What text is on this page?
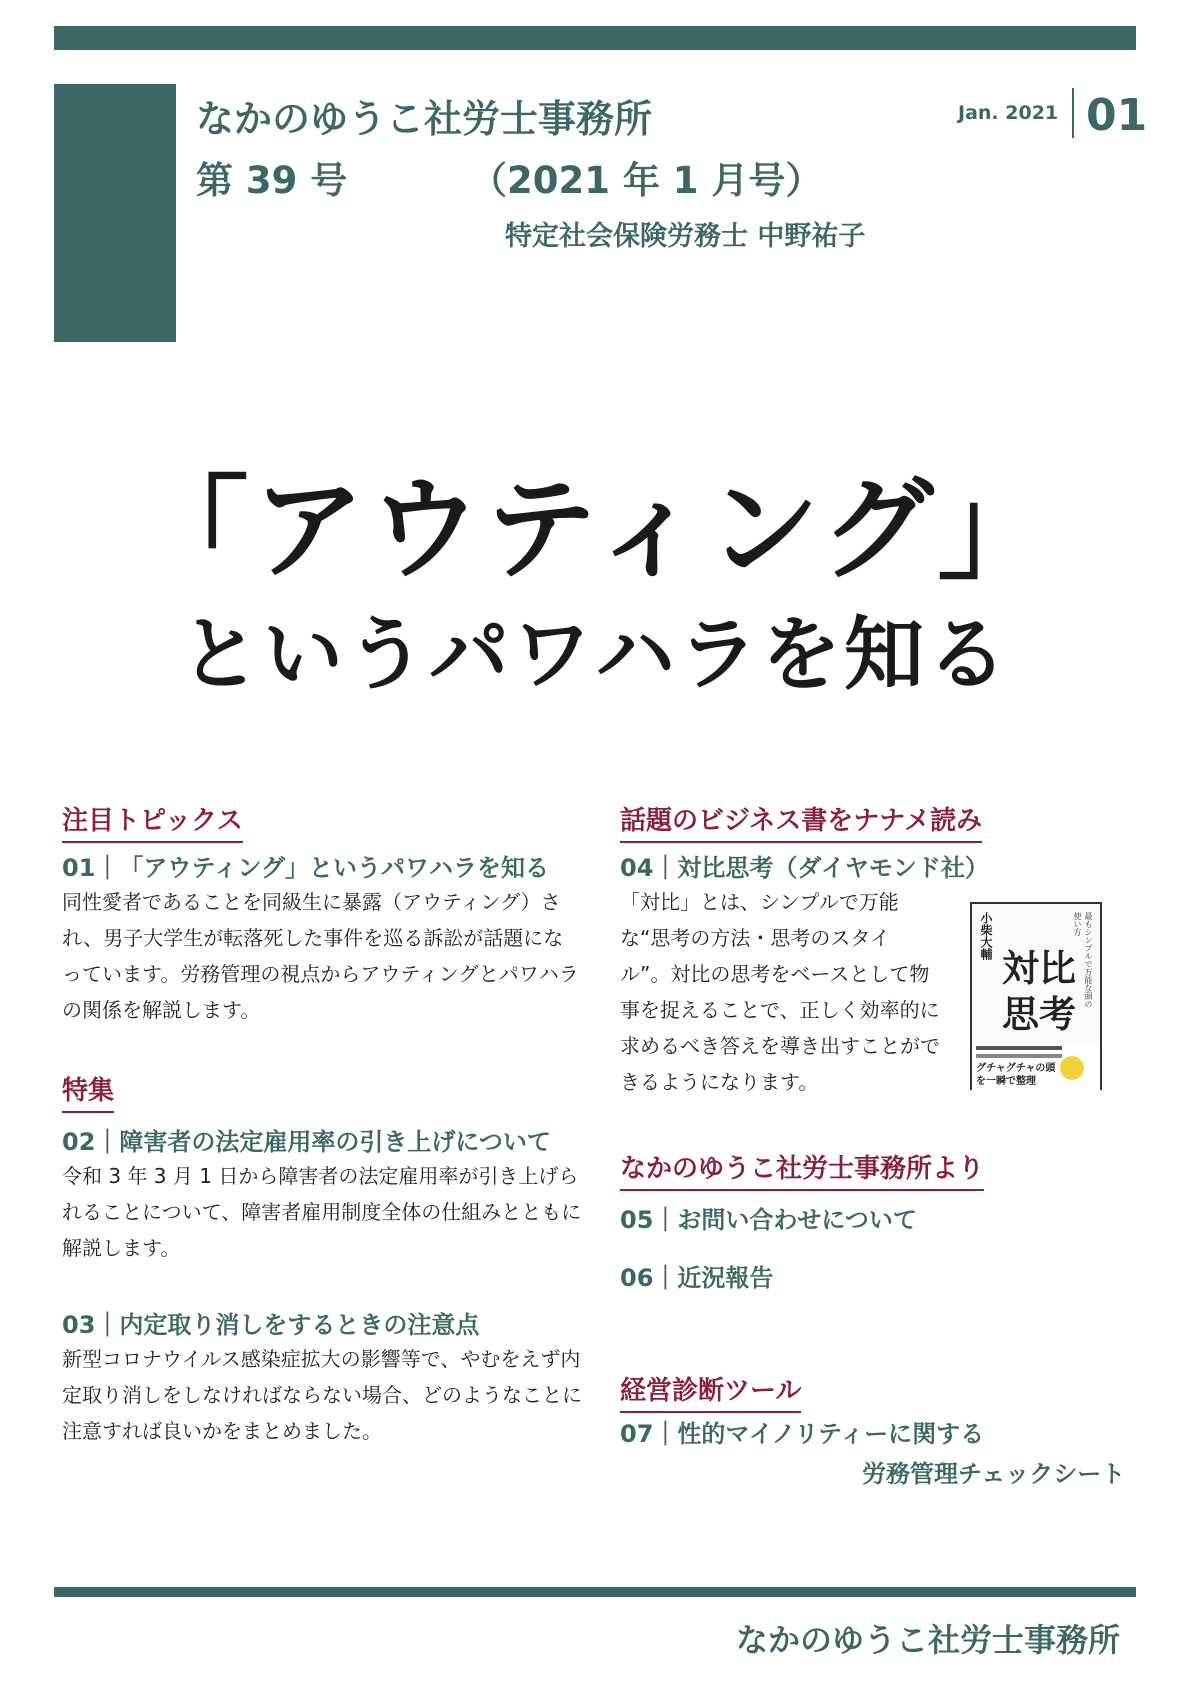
なかのゆうこ社労士事務所
第 39 号	（2021 年 1 月号）
特定社会保険労務士 中野祐子
Jan. 2021 01
「アウティング」
というパワハラを知る
注目トピックス
01｜「アウティング」というパワハラを知る
同性愛者であることを同級生に暴露（アウティング）され、男子大学生が転落死した事件を巡る訴訟が話題になっています。労務管理の視点からアウティングとパワハラの関係を解説します。
特集
02｜障害者の法定雇用率の引き上げについて
令和 3 年 3 月 1 日から障害者の法定雇用率が引き上げられることについて、障害者雇用制度全体の仕組みとともに解説します。
03｜内定取り消しをするときの注意点
新型コロナウイルス感染症拡大の影響等で、やむをえず内定取り消しをしなければならない場合、どのようなことに注意すれば良いかをまとめました。
話題のビジネス書をナナメ読み
04｜対比思考（ダイヤモンド社）
「対比」とは、シンプルで万能な“思考の方法・思考のスタイル”。対比の思考をベースとして物事を捉えることで、正しく効率的に求めるべき答えを導き出すことができるようになります。
小柴大輔	最もシンプルで万能な頭の使い方
対比思考
グチャグチャの頭を一瞬で整理
なかのゆうこ社労士事務所より
05｜お問い合わせについて
06｜近況報告
経営診断ツール
07｜性的マイノリティーに関する
労務管理チェックシート
なかのゆうこ社労士事務所
